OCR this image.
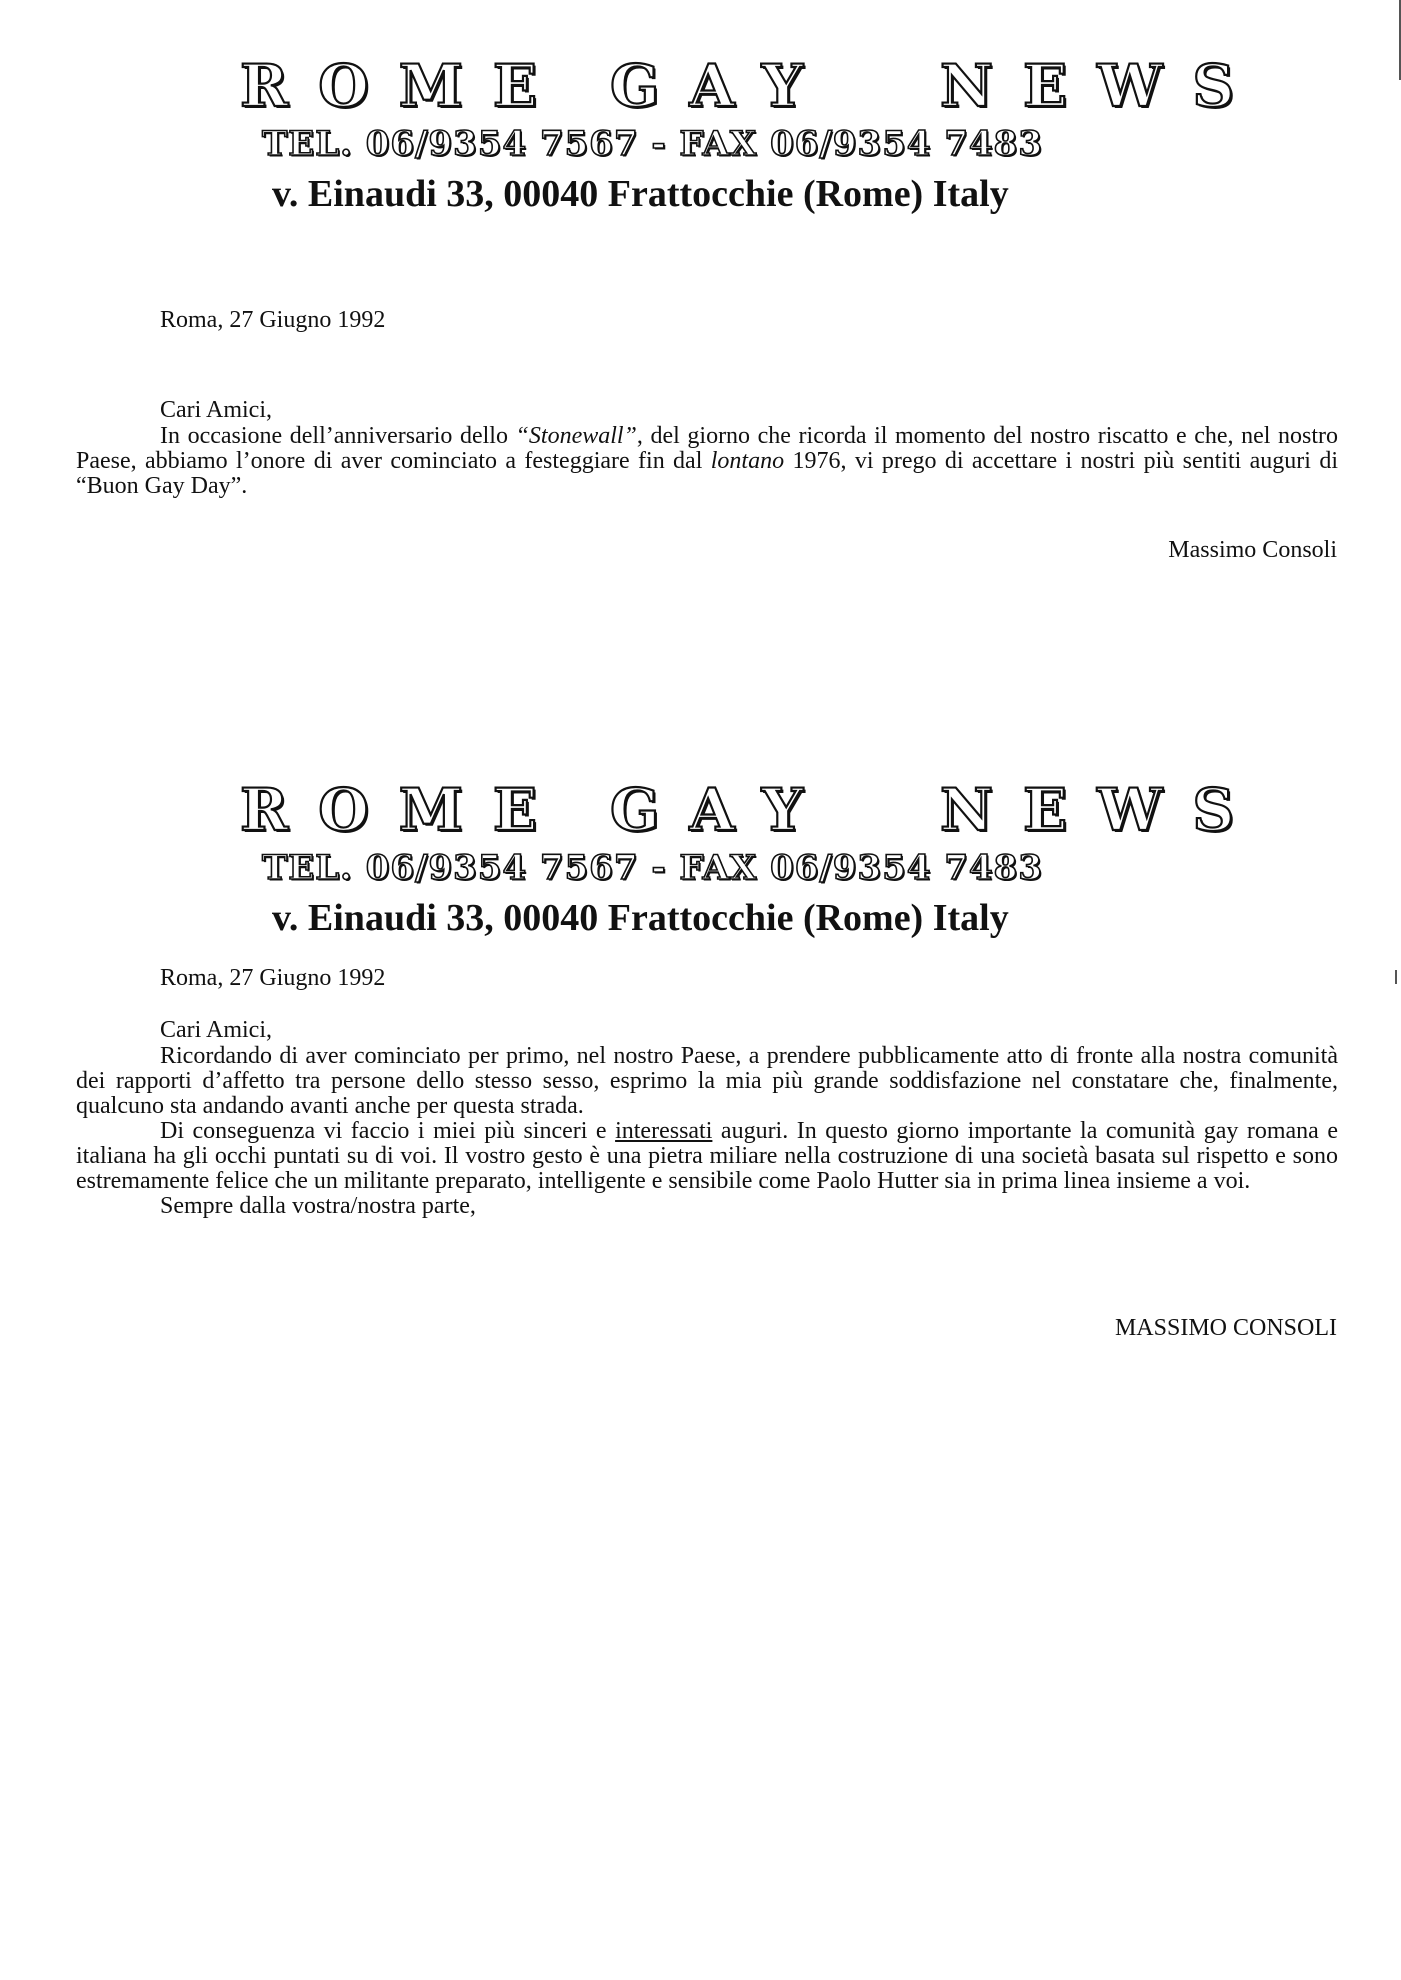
ROME GAY NEWS
TEL. 06/9354 7567 - FAX 06/9354 7483
v. Einaudi 33, 00040 Frattocchie (Rome) Italy
Roma, 27 Giugno 1992
Cari Amici,

In occasione dell’anniversario dello “Stonewall”, del giorno che ricorda il momento del nostro riscatto e che, nel nostro Paese, abbiamo l’onore di aver cominciato a festeggiare fin dal lontano 1976, vi prego di accettare i nostri più sentiti auguri di “Buon Gay Day”.

Massimo Consoli
ROME GAY NEWS
TEL. 06/9354 7567 - FAX 06/9354 7483
v. Einaudi 33, 00040 Frattocchie (Rome) Italy
Roma, 27 Giugno 1992
Cari Amici,

Ricordando di aver cominciato per primo, nel nostro Paese, a prendere pubblicamente atto di fronte alla nostra comunità dei rapporti d’affetto tra persone dello stesso sesso, esprimo la mia più grande soddisfazione nel constatare che, finalmente, qualcuno sta andando avanti anche per questa strada.

Di conseguenza vi faccio i miei più sinceri e interessati auguri. In questo giorno importante la comunità gay romana e italiana ha gli occhi puntati su di voi. Il vostro gesto è una pietra miliare nella costruzione di una società basata sul rispetto e sono estremamente felice che un militante preparato, intelligente e sensibile come Paolo Hutter sia in prima linea insieme a voi.

Sempre dalla vostra/nostra parte,

MASSIMO CONSOLI
